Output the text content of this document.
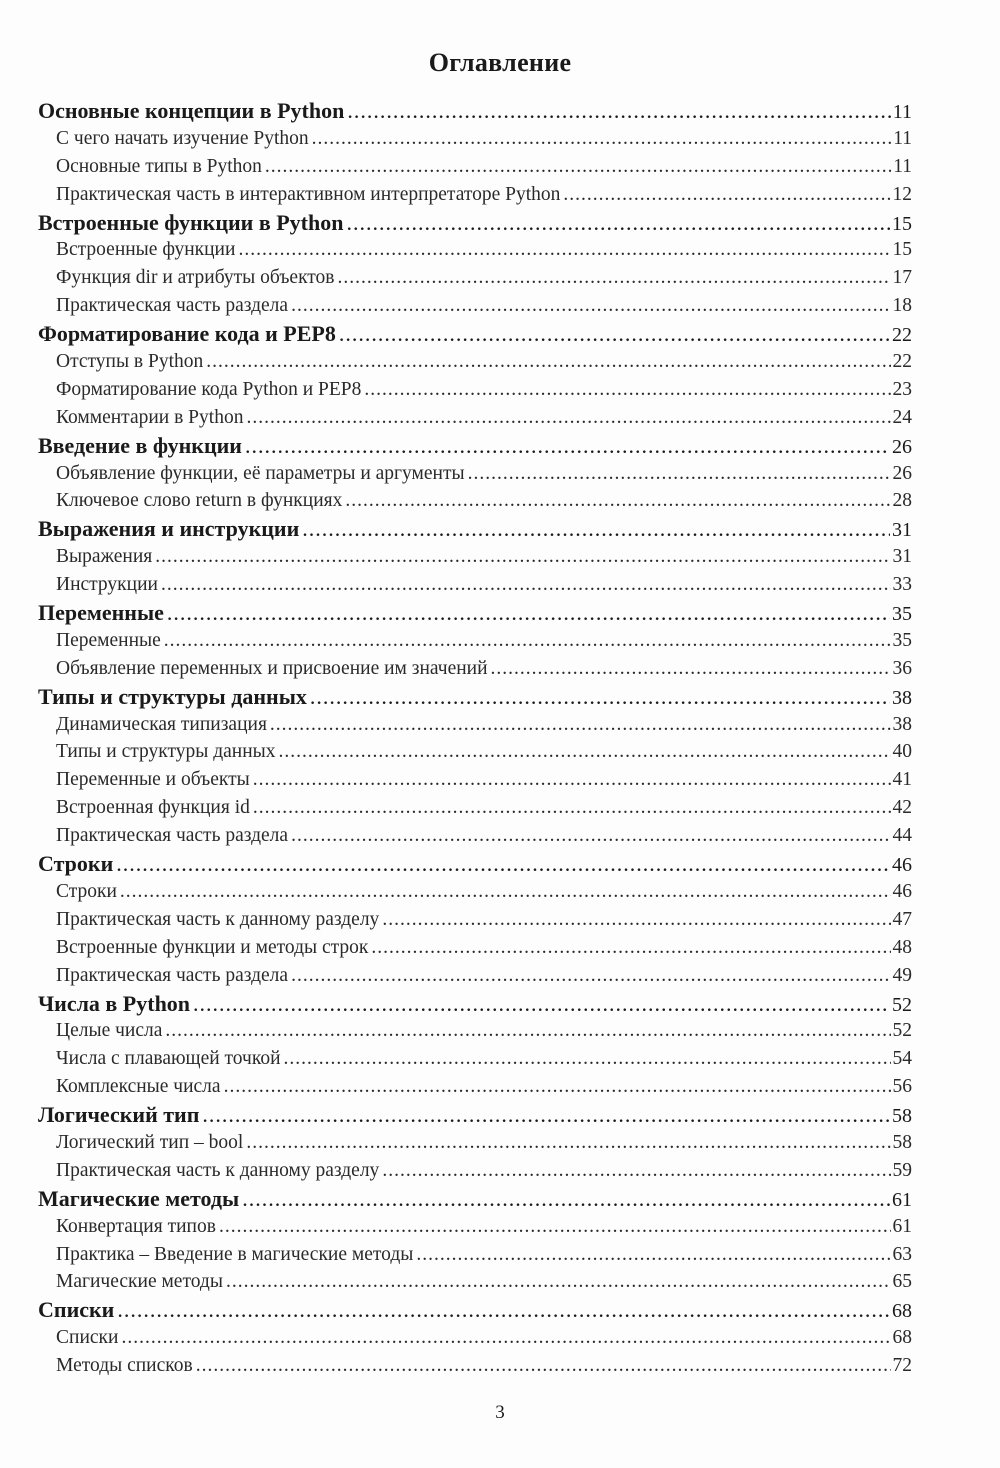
Оглавление
Основные концепции в Python .....	11
С чего начать изучение Python .....	11
Основные типы в Python .....	11
Практическая часть в интерактивном интерпретаторе Python .....	12
Встроенные функции в Python .....	15
Встроенные функции .....	15
Функция dir и атрибуты объектов .....	17
Практическая часть раздела .....	18
Форматирование кода и PEP8 .....	22
Отступы в Python .....	22
Форматирование кода Python и PEP8 .....	23
Комментарии в Python .....	24
Введение в функции .....	26
Объявление функции, её параметры и аргументы .....	26
Ключевое слово return в функциях .....	28
Выражения и инструкции .....	31
Выражения .....	31
Инструкции .....	33
Переменные .....	35
Переменные .....	35
Объявление переменных и присвоение им значений .....	36
Типы и структуры данных .....	38
Динамическая типизация .....	38
Типы и структуры данных .....	40
Переменные и объекты .....	41
Встроенная функция id .....	42
Практическая часть раздела .....	44
Строки .....	46
Строки .....	46
Практическая часть к данному разделу .....	47
Встроенные функции и методы строк .....	48
Практическая часть раздела .....	49
Числа в Python .....	52
Целые числа .....	52
Числа с плавающей точкой .....	54
Комплексные числа .....	56
Логический тип .....	58
Логический тип – bool .....	58
Практическая часть к данному разделу .....	59
Магические методы .....	61
Конвертация типов .....	61
Практика – Введение в магические методы .....	63
Магические методы .....	65
Списки .....	68
Списки .....	68
Методы списков .....	72
3
